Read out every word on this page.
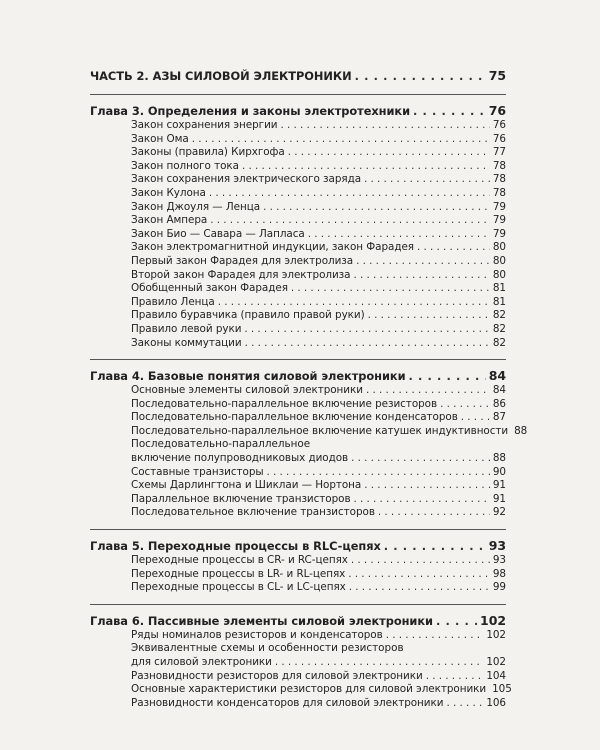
ЧАСТЬ 2. АЗЫ СИЛОВОЙ ЭЛЕКТРОНИКИ . . .	75
Глава 3. Определения и законы электротехники . . .	76
Закон сохранения энергии . . .	76
Закон Ома . . .	76
Законы (правила) Кирхгофа . . .	77
Закон полного тока . . .	78
Закон сохранения электрического заряда . . .	78
Закон Кулона . . .	78
Закон Джоуля — Ленца . . .	79
Закон Ампера . . .	79
Закон Био — Савара — Лапласа . . .	79
Закон электромагнитной индукции, закон Фарадея . . .	80
Первый закон Фарадея для электролиза . . .	80
Второй закон Фарадея для электролиза . . .	80
Обобщенный закон Фарадея . . .	81
Правило Ленца . . .	81
Правило буравчика (правило правой руки) . . .	82
Правило левой руки . . .	82
Законы коммутации . . .	82
Глава 4. Базовые понятия силовой электроники . . .	84
Основные элементы силовой электроники . . .	84
Последовательно-параллельное включение резисторов . . .	86
Последовательно-параллельное включение конденсаторов . . .	87
Последовательно-параллельное включение катушек индуктивности 88
Последовательно-параллельное
включение полупроводниковых диодов . . .	88
Составные транзисторы . . .	90
Схемы Дарлингтона и Шиклаи — Нортона . . .	91
Параллельное включение транзисторов . . .	91
Последовательное включение транзисторов . . .	92
Глава 5. Переходные процессы в RLC-цепях . . .	93
Переходные процессы в CR- и RC-цепях . . .	93
Переходные процессы в LR- и RL-цепях . . .	98
Переходные процессы в CL- и LC-цепях . . .	99
Глава 6. Пассивные элементы силовой электроники . . .	102
Ряды номиналов резисторов и конденсаторов . . .	102
Эквивалентные схемы и особенности резисторов
для силовой электроники . . .	102
Разновидности резисторов для силовой электроники . . .	104
Основные характеристики резисторов для силовой электроники 105
Разновидности конденсаторов для силовой электроники . . .	106
